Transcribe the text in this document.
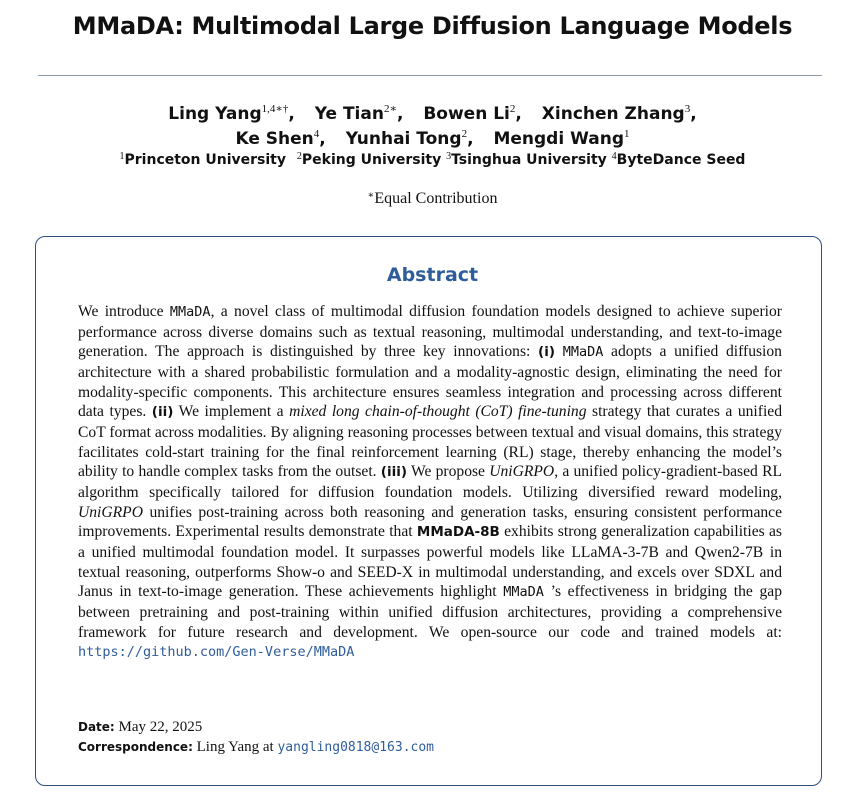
MMaDA: Multimodal Large Diffusion Language Models
Ling Yang$^{1,4∗\dagger}$, Ye Tian$^{2∗}$, Bowen Li$^2$, Xinchen Zhang$^3$,
Ke Shen$^4$, Yunhai Tong$^2$, Mengdi Wang$^1$
$^1$Princeton University $^2$Peking University $^3$Tsinghua University $^4$ByteDance Seed
∗Equal Contribution
Abstract
We introduce MMaDA, a novel class of multimodal diffusion foundation models designed to achieve superior performance across diverse domains such as textual reasoning, multimodal understanding, and text-to-image generation. The approach is distinguished by three key innovations: (i) MMaDA adopts a unified diffusion architecture with a shared probabilistic formulation and a modality-agnostic design, eliminating the need for modality-specific components. This architecture ensures seamless integration and processing across different data types. (ii) We implement a mixed long chain-of-thought (CoT) fine-tuning strategy that curates a unified CoT format across modalities. By aligning reasoning processes between textual and visual domains, this strategy facilitates cold-start training for the final reinforcement learning (RL) stage, thereby enhancing the model’s ability to handle complex tasks from the outset. (iii) We propose UniGRPO, a unified policy-gradient-based RL algorithm specifically tailored for diffusion foundation models. Utilizing diversified reward modeling, UniGRPO unifies post-training across both reasoning and generation tasks, ensuring consistent performance improvements. Experimental results demonstrate that MMaDA-8B exhibits strong generalization capabilities as a unified multimodal foundation model. It surpasses powerful models like LLaMA-3-7B and Qwen2-7B in textual reasoning, outperforms Show-o and SEED-X in multimodal understanding, and excels over SDXL and Janus in text-to-image generation. These achievements highlight MMaDA ’s effectiveness in bridging the gap between pretraining and post-training within unified diffusion architectures, providing a comprehensive framework for future research and development. We open-source our code and trained models at: https://github.com/Gen-Verse/MMaDA
Date: May 22, 2025
Correspondence: Ling Yang at yangling0818@163.com
